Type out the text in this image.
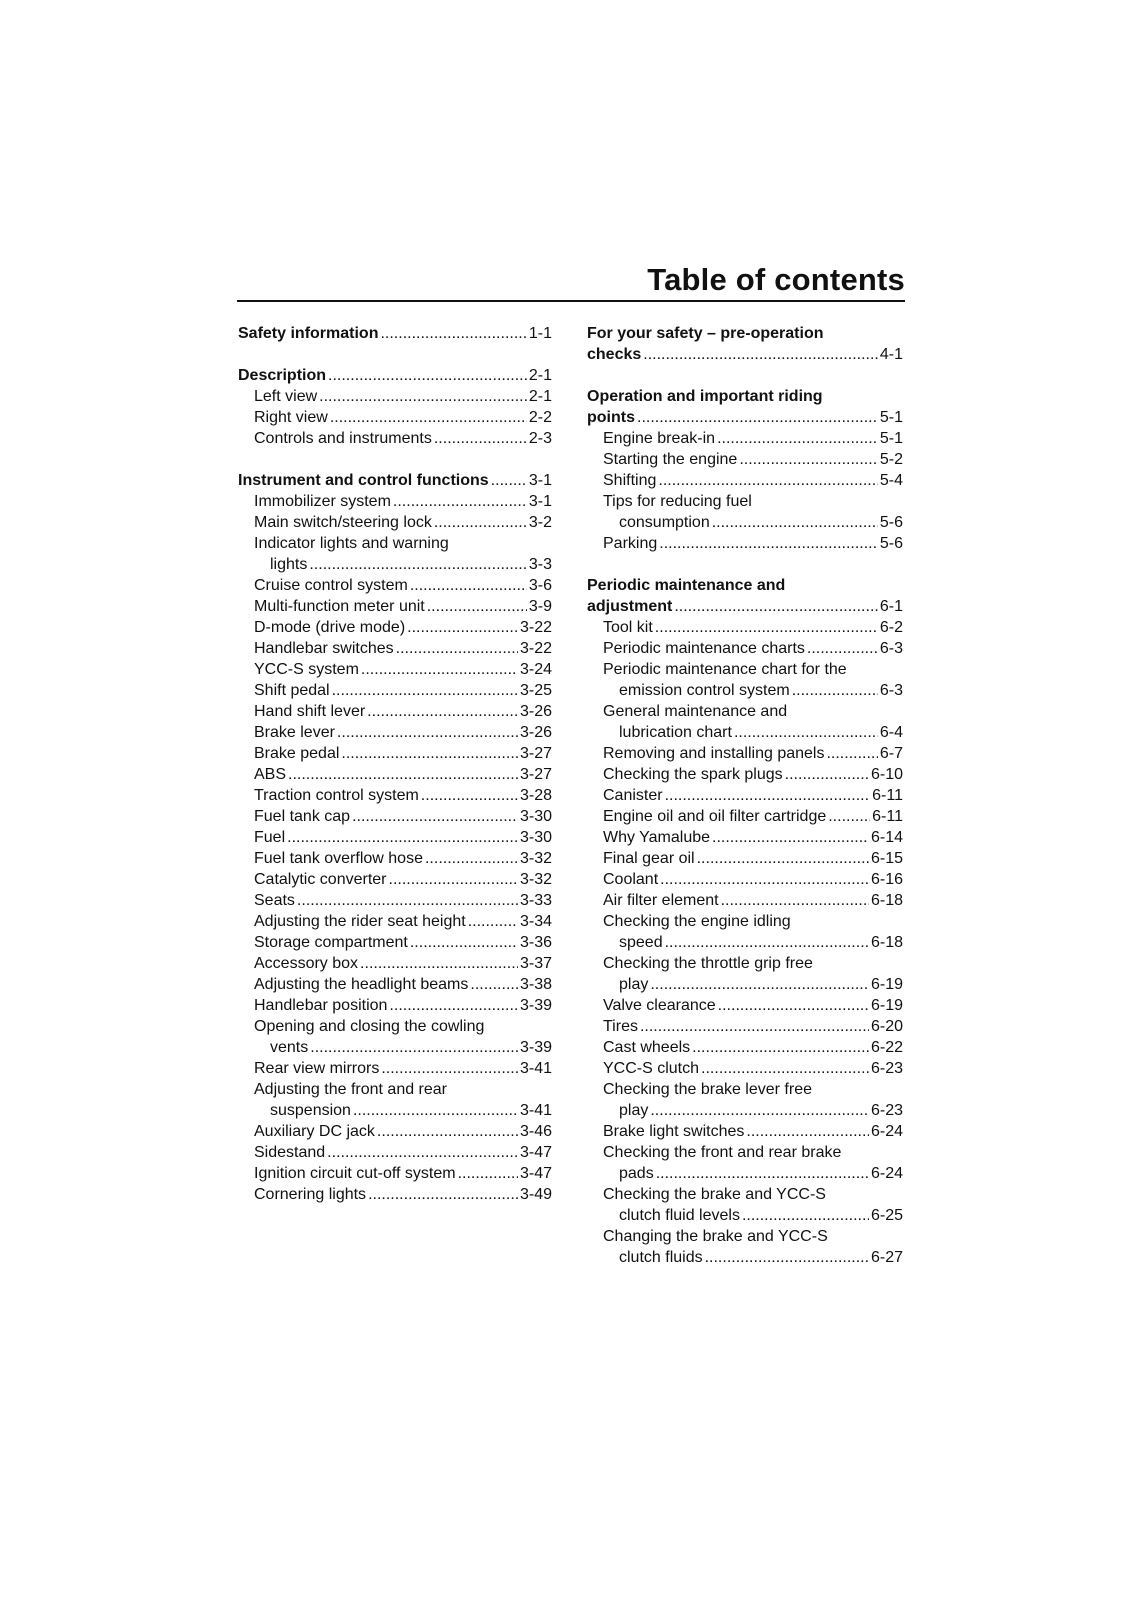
Table of contents
Safety information .....	1-1
Description .....	2-1
Left view .....	2-1
Right view .....	2-2
Controls and instruments .....	2-3
Instrument and control functions .....	3-1
Immobilizer system .....	3-1
Main switch/steering lock .....	3-2
Indicator lights and warning
lights .....	3-3
Cruise control system .....	3-6
Multi-function meter unit .....	3-9
D-mode (drive mode) .....	3-22
Handlebar switches .....	3-22
YCC-S system .....	3-24
Shift pedal .....	3-25
Hand shift lever .....	3-26
Brake lever .....	3-26
Brake pedal .....	3-27
ABS .....	3-27
Traction control system .....	3-28
Fuel tank cap .....	3-30
Fuel .....	3-30
Fuel tank overflow hose .....	3-32
Catalytic converter .....	3-32
Seats .....	3-33
Adjusting the rider seat height .....	3-34
Storage compartment .....	3-36
Accessory box .....	3-37
Adjusting the headlight beams .....	3-38
Handlebar position .....	3-39
Opening and closing the cowling
vents .....	3-39
Rear view mirrors .....	3-41
Adjusting the front and rear
suspension .....	3-41
Auxiliary DC jack .....	3-46
Sidestand .....	3-47
Ignition circuit cut-off system .....	3-47
Cornering lights .....	3-49
For your safety – pre-operation
checks .....	4-1
Operation and important riding
points .....	5-1
Engine break-in .....	5-1
Starting the engine .....	5-2
Shifting .....	5-4
Tips for reducing fuel
consumption .....	5-6
Parking .....	5-6
Periodic maintenance and
adjustment .....	6-1
Tool kit .....	6-2
Periodic maintenance charts .....	6-3
Periodic maintenance chart for the
emission control system .....	6-3
General maintenance and
lubrication chart .....	6-4
Removing and installing panels .....	6-7
Checking the spark plugs .....	6-10
Canister .....	6-11
Engine oil and oil filter cartridge .....	6-11
Why Yamalube .....	6-14
Final gear oil .....	6-15
Coolant .....	6-16
Air filter element .....	6-18
Checking the engine idling
speed .....	6-18
Checking the throttle grip free
play .....	6-19
Valve clearance .....	6-19
Tires .....	6-20
Cast wheels .....	6-22
YCC-S clutch .....	6-23
Checking the brake lever free
play .....	6-23
Brake light switches .....	6-24
Checking the front and rear brake
pads .....	6-24
Checking the brake and YCC-S
clutch fluid levels .....	6-25
Changing the brake and YCC-S
clutch fluids .....	6-27
